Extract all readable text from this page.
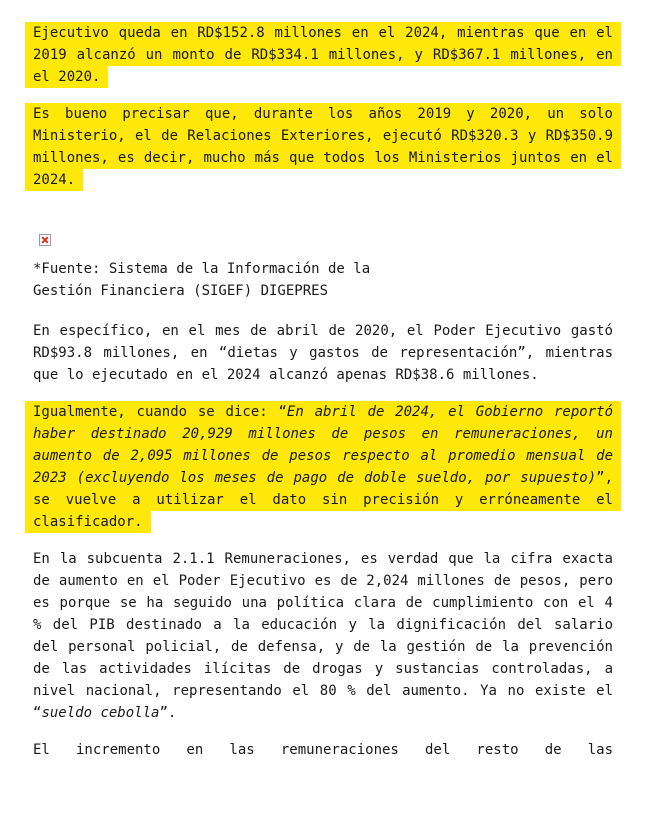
Ejecutivo queda en RD$152.8 millones en el 2024, mientras que en el 2019 alcanzó un monto de RD$334.1 millones, y RD$367.1 millones, en el 2020.

Es bueno precisar que, durante los años 2019 y 2020, un solo Ministerio, el de Relaciones Exteriores, ejecutó RD$320.3 y RD$350.9 millones, es decir, mucho más que todos los Ministerios juntos en el 2024.

*Fuente: Sistema de la Información de la
Gestión Financiera (SIGEF) DIGEPRES

En específico, en el mes de abril de 2020, el Poder Ejecutivo gastó RD$93.8 millones, en “dietas y gastos de representación”, mientras que lo ejecutado en el 2024 alcanzó apenas RD$38.6 millones.

Igualmente, cuando se dice: “En abril de 2024, el Gobierno reportó haber destinado 20,929 millones de pesos en remuneraciones, un aumento de 2,095 millones de pesos respecto al promedio mensual de 2023 (excluyendo los meses de pago de doble sueldo, por supuesto)”, se vuelve a utilizar el dato sin precisión y erróneamente el clasificador.

En la subcuenta 2.1.1 Remuneraciones, es verdad que la cifra exacta de aumento en el Poder Ejecutivo es de 2,024 millones de pesos, pero es porque se ha seguido una política clara de cumplimiento con el 4 % del PIB destinado a la educación y la dignificación del salario del personal policial, de defensa, y de la gestión de la prevención de las actividades ilícitas de drogas y sustancias controladas, a nivel nacional, representando el 80 % del aumento. Ya no existe el “sueldo cebolla”.

El incremento en las remuneraciones del resto de las
